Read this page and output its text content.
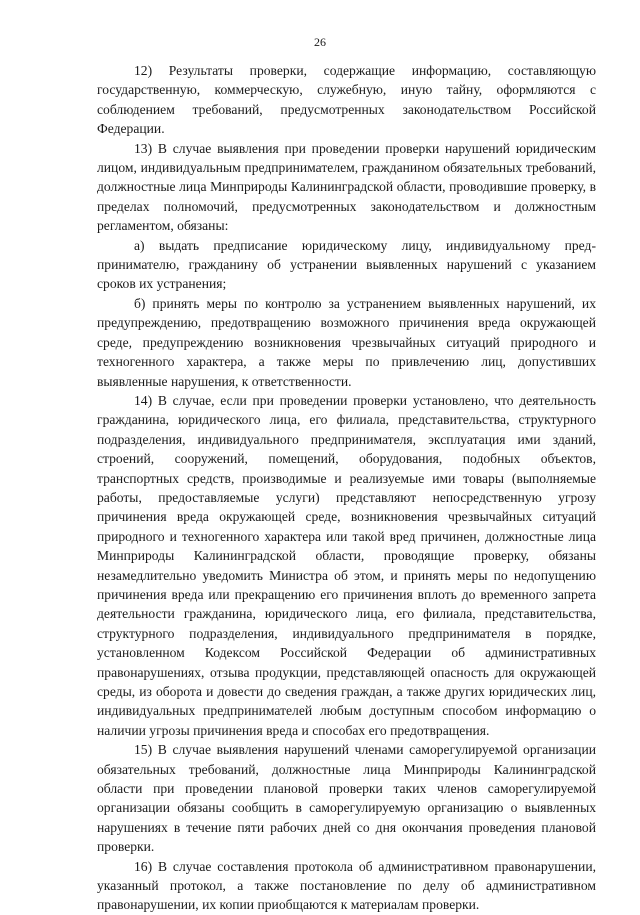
26

12) Результаты проверки, содержащие информацию, составляющую государственную, коммерческую, служебную, иную тайну, оформляются с соблюдением требований, предусмотренных законодательством Российской Федерации.

13) В случае выявления при проведении проверки нарушений юридическим лицом, индивидуальным предпринимателем, гражданином обязательных требований, должностные лица Минприроды Калининградской области, проводившие проверку, в пределах полномочий, предусмотренных законодательством и должностным регламентом, обязаны:

а) выдать предписание юридическому лицу, индивидуальному предпринимателю, гражданину об устранении выявленных нарушений с указанием сроков их устранения;

б) принять меры по контролю за устранением выявленных нарушений, их предупреждению, предотвращению возможного причинения вреда окружающей среде, предупреждению возникновения чрезвычайных ситуаций природного и техногенного характера, а также меры по привлечению лиц, допустивших выявленные нарушения, к ответственности.

14) В случае, если при проведении проверки установлено, что деятельность гражданина, юридического лица, его филиала, представительства, структурного подразделения, индивидуального предпринимателя, эксплуатация ими зданий, строений, сооружений, помещений, оборудования, подобных объектов, транспортных средств, производимые и реализуемые ими товары (выполняемые работы, предоставляемые услуги) представляют непосредственную угрозу причинения вреда окружающей среде, возникновения чрезвычайных ситуаций природного и техногенного характера или такой вред причинен, должностные лица Минприроды Калининградской области, проводящие проверку, обязаны незамедлительно уведомить Министра об этом, и принять меры по недопущению причинения вреда или прекращению его причинения вплоть до временного запрета деятельности гражданина, юридического лица, его филиала, представительства, структурного подразделения, индивидуального предпринимателя в порядке, установленном Кодексом Российской Федерации об административных правонарушениях, отзыва продукции, представляющей опасность для окружающей среды, из оборота и довести до сведения граждан, а также других юридических лиц, индивидуальных предпринимателей любым доступным способом информацию о наличии угрозы причинения вреда и способах его предотвращения.

15) В случае выявления нарушений членами саморегулируемой организации обязательных требований, должностные лица Минприроды Калининградской области при проведении плановой проверки таких членов саморегулируемой организации обязаны сообщить в саморегулируемую организацию о выявленных нарушениях в течение пяти рабочих дней со дня окончания проведения плановой проверки.

16) В случае составления протокола об административном правонарушении, указанный протокол, а также постановление по делу об административном правонарушении, их копии приобщаются к материалам проверки.
